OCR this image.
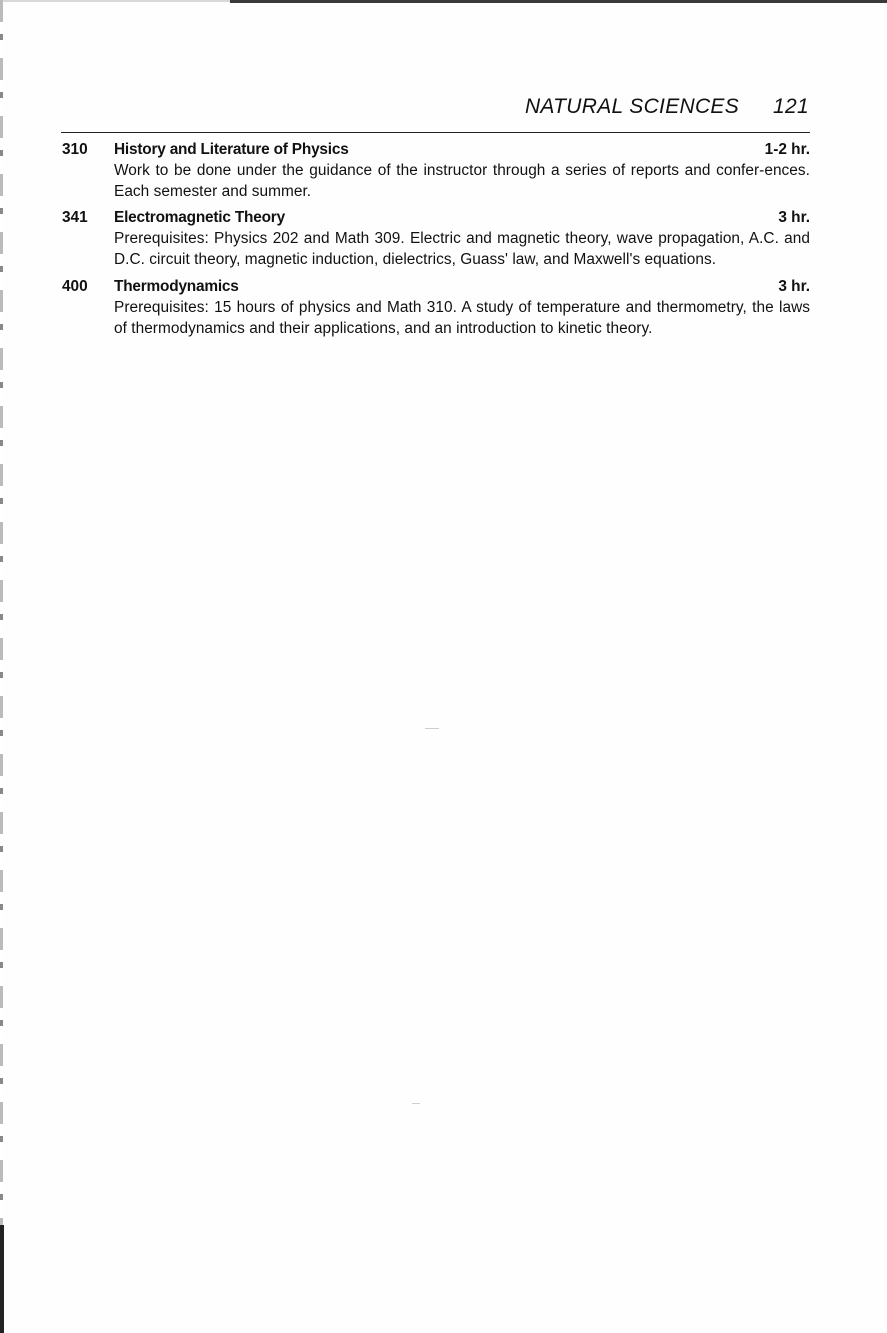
NATURAL SCIENCES 121
310	History and Literature of Physics	1-2 hr.
Work to be done under the guidance of the instructor through a series of reports and confer-ences. Each semester and summer.
341	Electromagnetic Theory	3 hr.
Prerequisites: Physics 202 and Math 309. Electric and magnetic theory, wave propagation, A.C. and D.C. circuit theory, magnetic induction, dielectrics, Guass' law, and Maxwell's equations.
400	Thermodynamics	3 hr.
Prerequisites: 15 hours of physics and Math 310. A study of temperature and thermometry, the laws of thermodynamics and their applications, and an introduction to kinetic theory.
